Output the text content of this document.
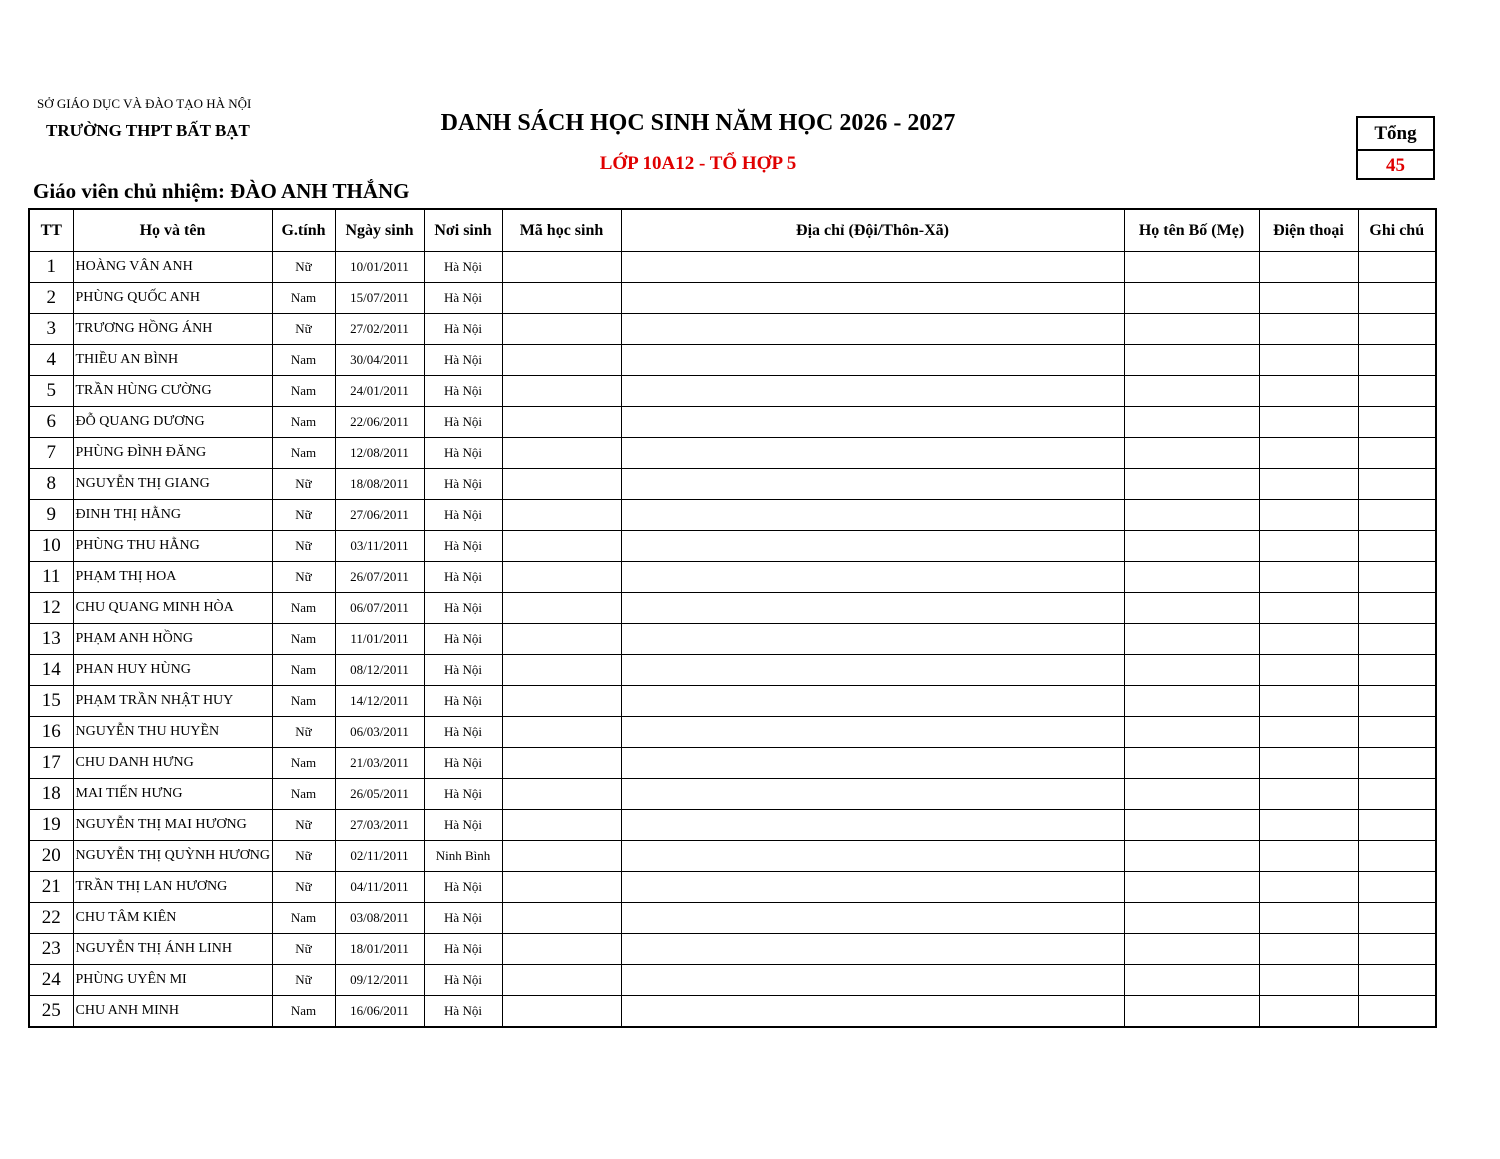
SỞ GIÁO DỤC VÀ ĐÀO TẠO HÀ NỘI
TRƯỜNG THPT BẤT BẠT	DANH SÁCH HỌC SINH NĂM HỌC 2026 - 2027
LỚP 10A12 - TỔ HỢP 5
Giáo viên chủ nhiệm: ĐÀO ANH THẮNG
Tổng
45
TT	Họ và tên	G.tính	Ngày sinh	Nơi sinh	Mã học sinh	Địa chỉ (Đội/Thôn-Xã)	Họ tên Bố (Mẹ)	Điện thoại	Ghi chú
1	HOÀNG VÂN ANH	Nữ	10/01/2011	Hà Nội					
2	PHÙNG QUỐC ANH	Nam	15/07/2011	Hà Nội					
3	TRƯƠNG HỒNG ÁNH	Nữ	27/02/2011	Hà Nội					
4	THIỀU AN BÌNH	Nam	30/04/2011	Hà Nội					
5	TRẦN HÙNG CƯỜNG	Nam	24/01/2011	Hà Nội					
6	ĐỖ QUANG DƯƠNG	Nam	22/06/2011	Hà Nội					
7	PHÙNG ĐÌNH ĐĂNG	Nam	12/08/2011	Hà Nội					
8	NGUYỄN THỊ GIANG	Nữ	18/08/2011	Hà Nội					
9	ĐINH THỊ HẰNG	Nữ	27/06/2011	Hà Nội					
10	PHÙNG THU HẰNG	Nữ	03/11/2011	Hà Nội					
11	PHẠM THỊ HOA	Nữ	26/07/2011	Hà Nội					
12	CHU QUANG MINH HÒA	Nam	06/07/2011	Hà Nội					
13	PHẠM ANH HỒNG	Nam	11/01/2011	Hà Nội					
14	PHAN HUY HÙNG	Nam	08/12/2011	Hà Nội					
15	PHẠM TRẦN NHẬT HUY	Nam	14/12/2011	Hà Nội					
16	NGUYỄN THU HUYỀN	Nữ	06/03/2011	Hà Nội					
17	CHU DANH HƯNG	Nam	21/03/2011	Hà Nội					
18	MAI TIẾN HƯNG	Nam	26/05/2011	Hà Nội					
19	NGUYỄN THỊ MAI HƯƠNG	Nữ	27/03/2011	Hà Nội					
20	NGUYỄN THỊ QUỲNH HƯƠNG	Nữ	02/11/2011	Ninh Bình					
21	TRẦN THỊ LAN HƯƠNG	Nữ	04/11/2011	Hà Nội					
22	CHU TÂM KIÊN	Nam	03/08/2011	Hà Nội					
23	NGUYỄN THỊ ÁNH LINH	Nữ	18/01/2011	Hà Nội					
24	PHÙNG UYÊN MI	Nữ	09/12/2011	Hà Nội					
25	CHU ANH MINH	Nam	16/06/2011	Hà Nội					
